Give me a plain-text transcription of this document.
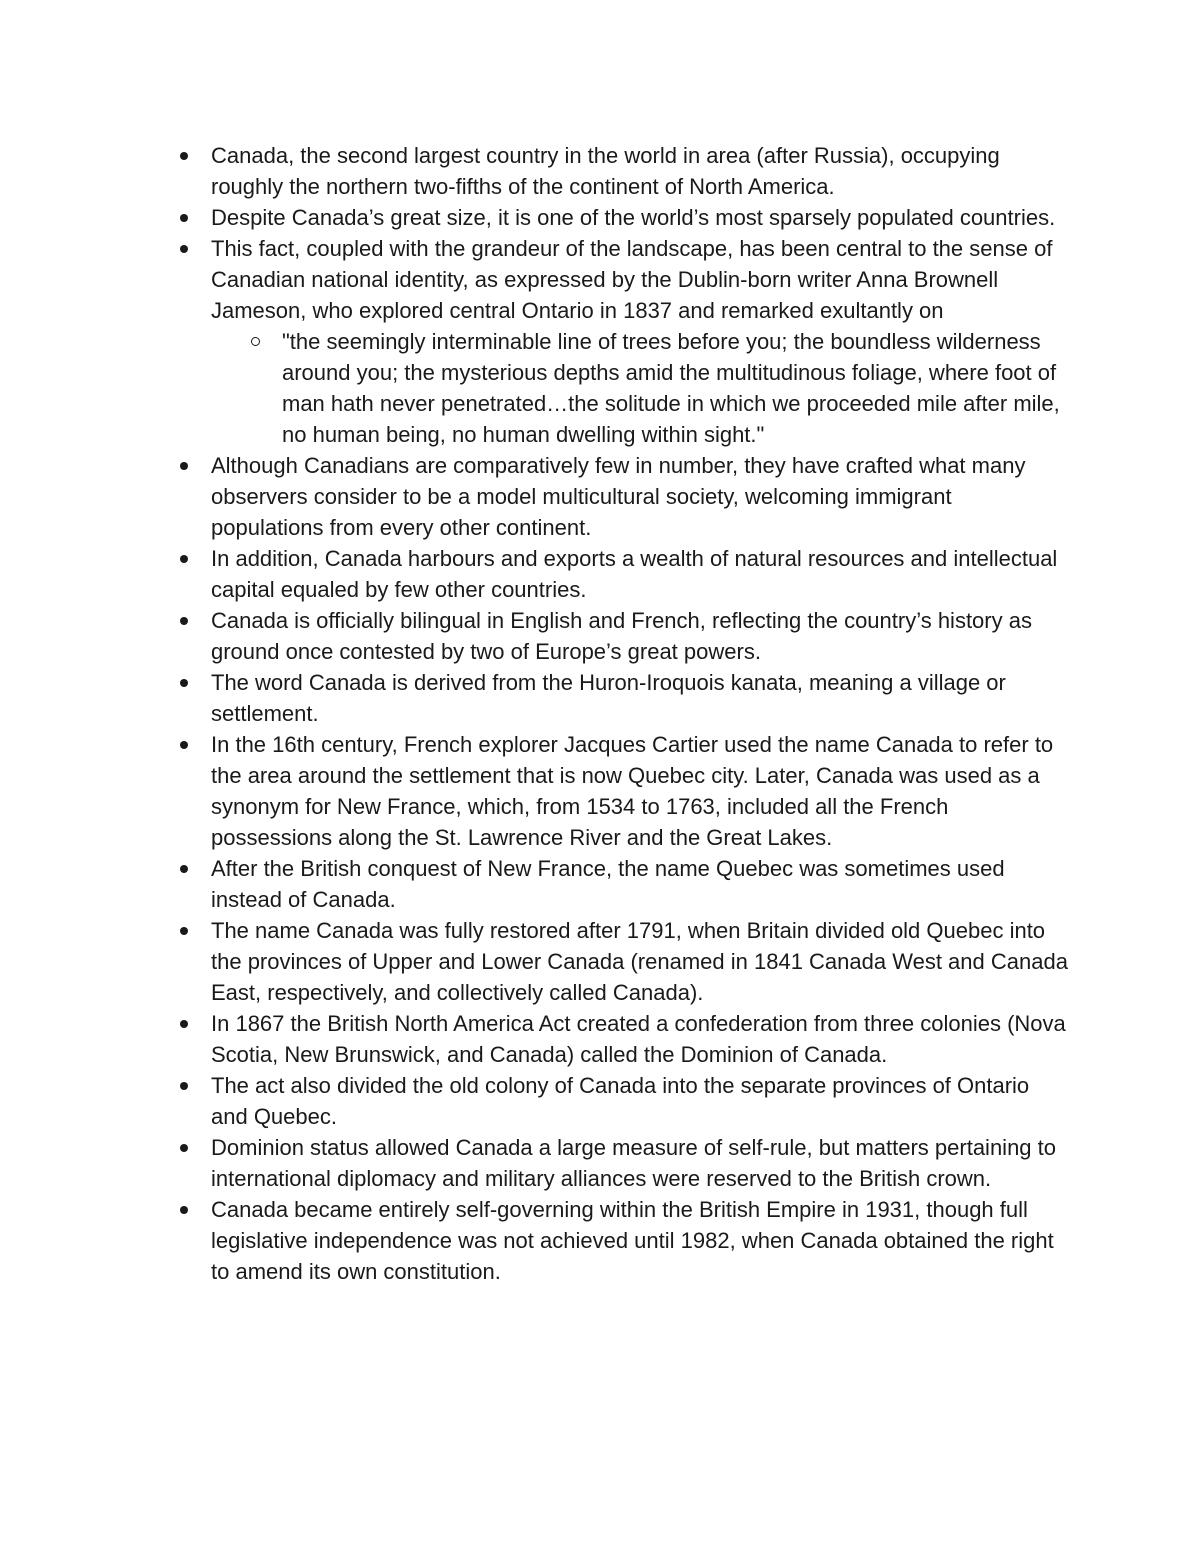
Canada, the second largest country in the world in area (after Russia), occupying roughly the northern two-fifths of the continent of North America.
Despite Canada’s great size, it is one of the world’s most sparsely populated countries.
This fact, coupled with the grandeur of the landscape, has been central to the sense of Canadian national identity, as expressed by the Dublin-born writer Anna Brownell Jameson, who explored central Ontario in 1837 and remarked exultantly on
"the seemingly interminable line of trees before you; the boundless wilderness around you; the mysterious depths amid the multitudinous foliage, where foot of man hath never penetrated…the solitude in which we proceeded mile after mile, no human being, no human dwelling within sight."
Although Canadians are comparatively few in number, they have crafted what many observers consider to be a model multicultural society, welcoming immigrant populations from every other continent.
In addition, Canada harbours and exports a wealth of natural resources and intellectual capital equaled by few other countries.
Canada is officially bilingual in English and French, reflecting the country’s history as ground once contested by two of Europe’s great powers.
The word Canada is derived from the Huron-Iroquois kanata, meaning a village or settlement.
In the 16th century, French explorer Jacques Cartier used the name Canada to refer to the area around the settlement that is now Quebec city. Later, Canada was used as a synonym for New France, which, from 1534 to 1763, included all the French possessions along the St. Lawrence River and the Great Lakes.
After the British conquest of New France, the name Quebec was sometimes used instead of Canada.
The name Canada was fully restored after 1791, when Britain divided old Quebec into the provinces of Upper and Lower Canada (renamed in 1841 Canada West and Canada East, respectively, and collectively called Canada).
In 1867 the British North America Act created a confederation from three colonies (Nova Scotia, New Brunswick, and Canada) called the Dominion of Canada.
The act also divided the old colony of Canada into the separate provinces of Ontario and Quebec.
Dominion status allowed Canada a large measure of self-rule, but matters pertaining to international diplomacy and military alliances were reserved to the British crown.
Canada became entirely self-governing within the British Empire in 1931, though full legislative independence was not achieved until 1982, when Canada obtained the right to amend its own constitution.
